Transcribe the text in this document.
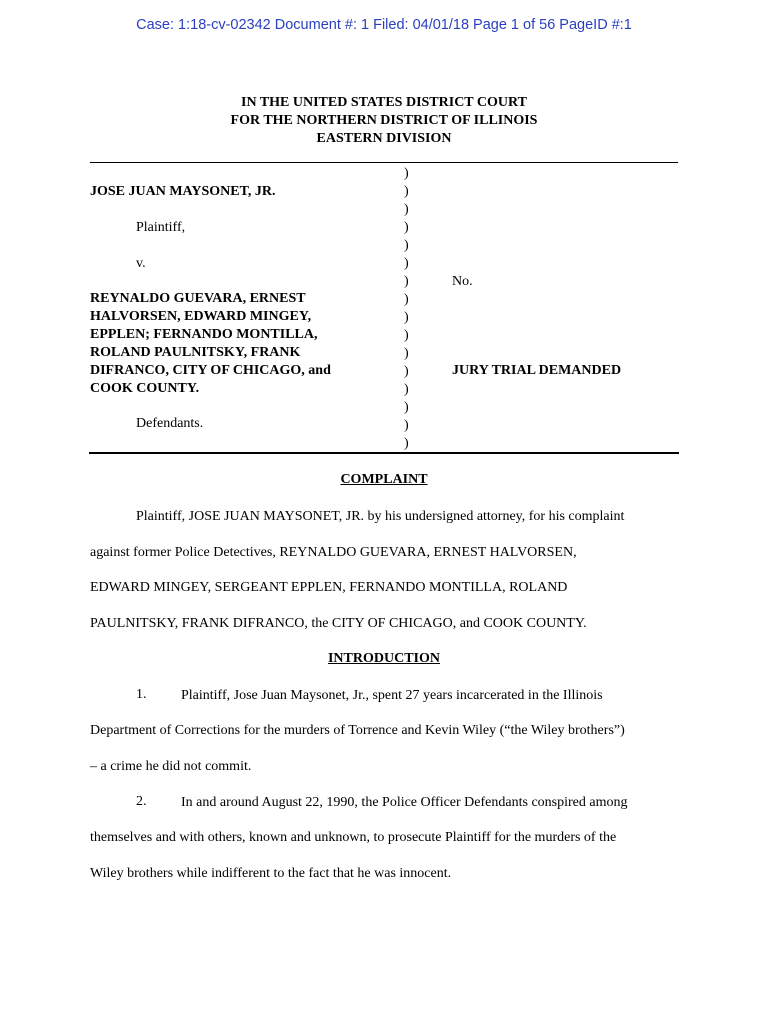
Case: 1:18-cv-02342 Document #: 1 Filed: 04/01/18 Page 1 of 56 PageID #:1
IN THE UNITED STATES DISTRICT COURT
FOR THE NORTHERN DISTRICT OF ILLINOIS
EASTERN DIVISION
JOSE JUAN MAYSONET, JR.
Plaintiff,
v.
REYNALDO GUEVARA, ERNEST
HALVORSEN, EDWARD MINGEY,
EPPLEN; FERNANDO MONTILLA,
ROLAND PAULNITSKY, FRANK
DIFRANCO, CITY OF CHICAGO, and
COOK COUNTY.
Defendants.
)
)
)
)
)
)
)
)
)
)
)
)
)
)
)
)
No.
JURY TRIAL DEMANDED
COMPLAINT
Plaintiff, JOSE JUAN MAYSONET, JR. by his undersigned attorney, for his complaint
against former Police Detectives, REYNALDO GUEVARA, ERNEST HALVORSEN,
EDWARD MINGEY, SERGEANT EPPLEN, FERNANDO MONTILLA, ROLAND
PAULNITSKY, FRANK DIFRANCO, the CITY OF CHICAGO, and COOK COUNTY.
INTRODUCTION
1. Plaintiff, Jose Juan Maysonet, Jr., spent 27 years incarcerated in the Illinois
Department of Corrections for the murders of Torrence and Kevin Wiley (“the Wiley brothers”)
– a crime he did not commit.
2. In and around August 22, 1990, the Police Officer Defendants conspired among
themselves and with others, known and unknown, to prosecute Plaintiff for the murders of the
Wiley brothers while indifferent to the fact that he was innocent.
